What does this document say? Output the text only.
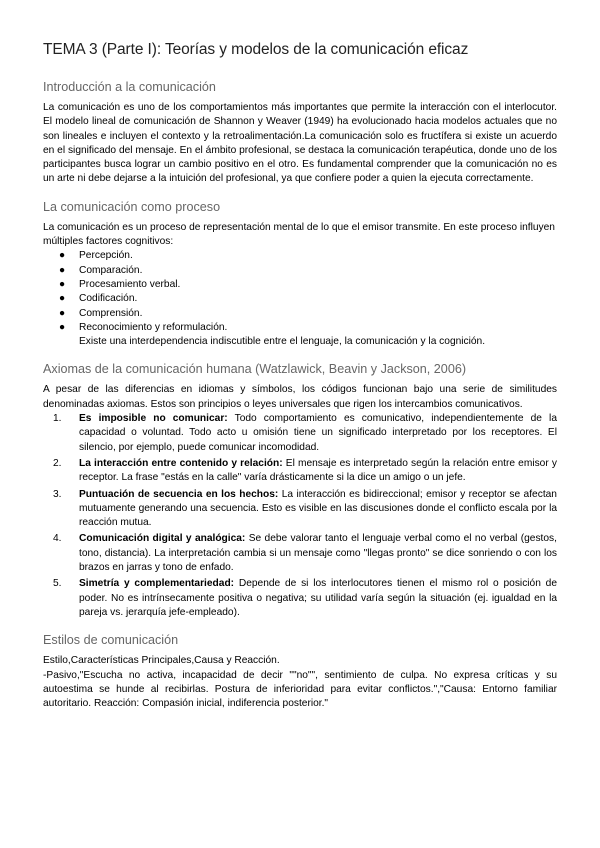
TEMA 3 (Parte I): Teorías y modelos de la comunicación eficaz
Introducción a la comunicación

La comunicación es uno de los comportamientos más importantes que permite la interacción con el interlocutor. El modelo lineal de comunicación de Shannon y Weaver (1949) ha evolucionado hacia modelos actuales que no son lineales e incluyen el contexto y la retroalimentación.La comunicación solo es fructífera si existe un acuerdo en el significado del mensaje. En el ámbito profesional, se destaca la comunicación terapéutica, donde uno de los participantes busca lograr un cambio positivo en el otro. Es fundamental comprender que la comunicación no es un arte ni debe dejarse a la intuición del profesional, ya que confiere poder a quien la ejecuta correctamente.

La comunicación como proceso

La comunicación es un proceso de representación mental de lo que el emisor transmite. En este proceso influyen múltiples factores cognitivos:

● Percepción.
● Comparación.
● Procesamiento verbal.
● Codificación.
● Comprensión.
● Reconocimiento y reformulación.

Existe una interdependencia indiscutible entre el lenguaje, la comunicación y la cognición.

Axiomas de la comunicación humana (Watzlawick, Beavin y Jackson, 2006)

A pesar de las diferencias en idiomas y símbolos, los códigos funcionan bajo una serie de similitudes denominadas axiomas. Estos son principios o leyes universales que rigen los intercambios comunicativos.

1. Es imposible no comunicar: Todo comportamiento es comunicativo, independientemente de la capacidad o voluntad. Todo acto u omisión tiene un significado interpretado por los receptores. El silencio, por ejemplo, puede comunicar incomodidad.
2. La interacción entre contenido y relación: El mensaje es interpretado según la relación entre emisor y receptor. La frase "estás en la calle" varía drásticamente si la dice un amigo o un jefe.
3. Puntuación de secuencia en los hechos: La interacción es bidireccional; emisor y receptor se afectan mutuamente generando una secuencia. Esto es visible en las discusiones donde el conflicto escala por la reacción mutua.
4. Comunicación digital y analógica: Se debe valorar tanto el lenguaje verbal como el no verbal (gestos, tono, distancia). La interpretación cambia si un mensaje como "llegas pronto" se dice sonriendo o con los brazos en jarras y tono de enfado.
5. Simetría y complementariedad: Depende de si los interlocutores tienen el mismo rol o posición de poder. No es intrínsecamente positiva o negativa; su utilidad varía según la situación (ej. igualdad en la pareja vs. jerarquía jefe-empleado).
Estilos de comunicación

Estilo,Características Principales,Causa y Reacción.

-Pasivo,"Escucha no activa, incapacidad de decir ""no"", sentimiento de culpa. No expresa críticas y su autoestima se hunde al recibirlas. Postura de inferioridad para evitar conflictos.","Causa: Entorno familiar autoritario. Reacción: Compasión inicial, indiferencia posterior."
